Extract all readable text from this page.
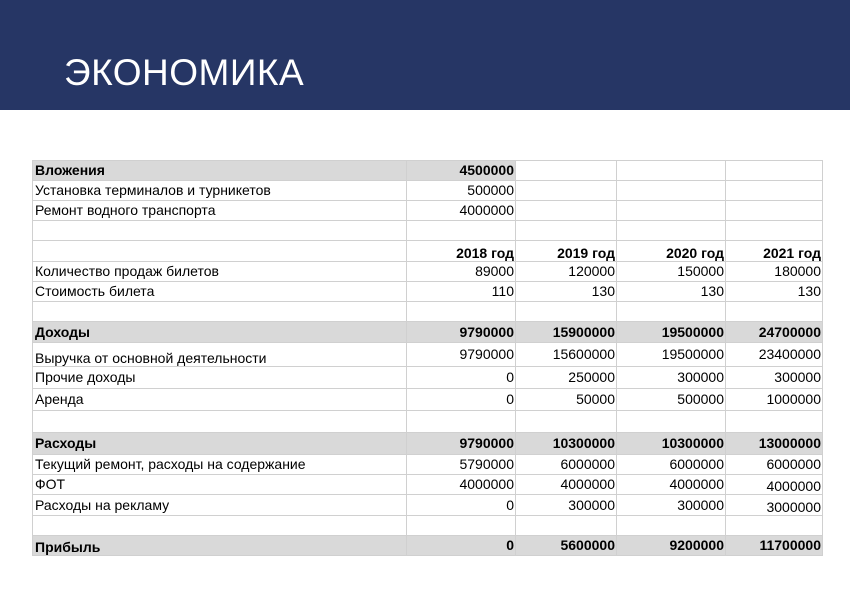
ЭКОНОМИКА
Вложения	4500000			
Установка терминалов и турникетов	500000			
Ремонт водного транспорта	4000000			

	2018 год	2019 год	2020 год	2021 год
Количество продаж билетов	89000	120000	150000	180000
Стоимость билета	110	130	130	130

Доходы	9790000	15900000	19500000	24700000
Выручка от основной деятельности	9790000	15600000	19500000	23400000
Прочие доходы	0	250000	300000	300000
Аренда	0	50000	500000	1000000

Расходы	9790000	10300000	10300000	13000000
Текущий ремонт, расходы на содержание	5790000	6000000	6000000	6000000
ФОТ	4000000	4000000	4000000	4000000
Расходы на рекламу	0	300000	300000	3000000

Прибыль	0	5600000	9200000	11700000
